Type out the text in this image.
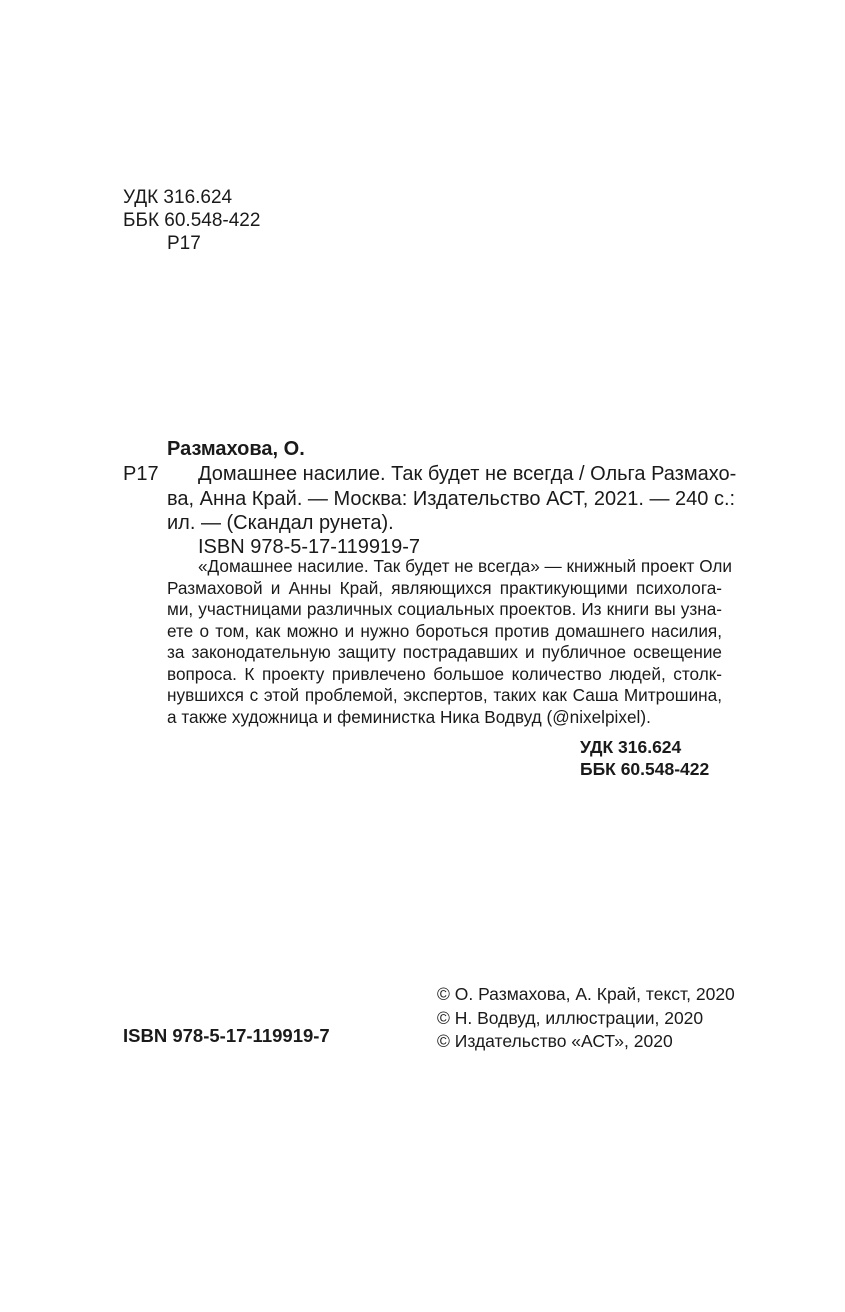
УДК 316.624
ББК 60.548-422
Р17
Размахова, О.
Р17	Домашнее насилие. Так будет не всегда / Ольга Размахо-
ва, Анна Край. — Москва: Издательство АСТ, 2021. — 240 с.:
ил. — (Скандал рунета).
ISBN 978-5-17-119919-7
«Домашнее насилие. Так будет не всегда» — книжный проект Оли
Размаховой и Анны Край, являющихся практикующими психолога-
ми, участницами различных социальных проектов. Из книги вы узна-
ете о том, как можно и нужно бороться против домашнего насилия,
за законодательную защиту пострадавших и публичное освещение
вопроса. К проекту привлечено большое количество людей, столк-
нувшихся с этой проблемой, экспертов, таких как Саша Митрошина,
а также художница и феминистка Ника Водвуд (@nixelpixel).
УДК 316.624
ББК 60.548-422
ISBN 978-5-17-119919-7
© О. Размахова, А. Край, текст, 2020
© Н. Водвуд, иллюстрации, 2020
© Издательство «АСТ», 2020
